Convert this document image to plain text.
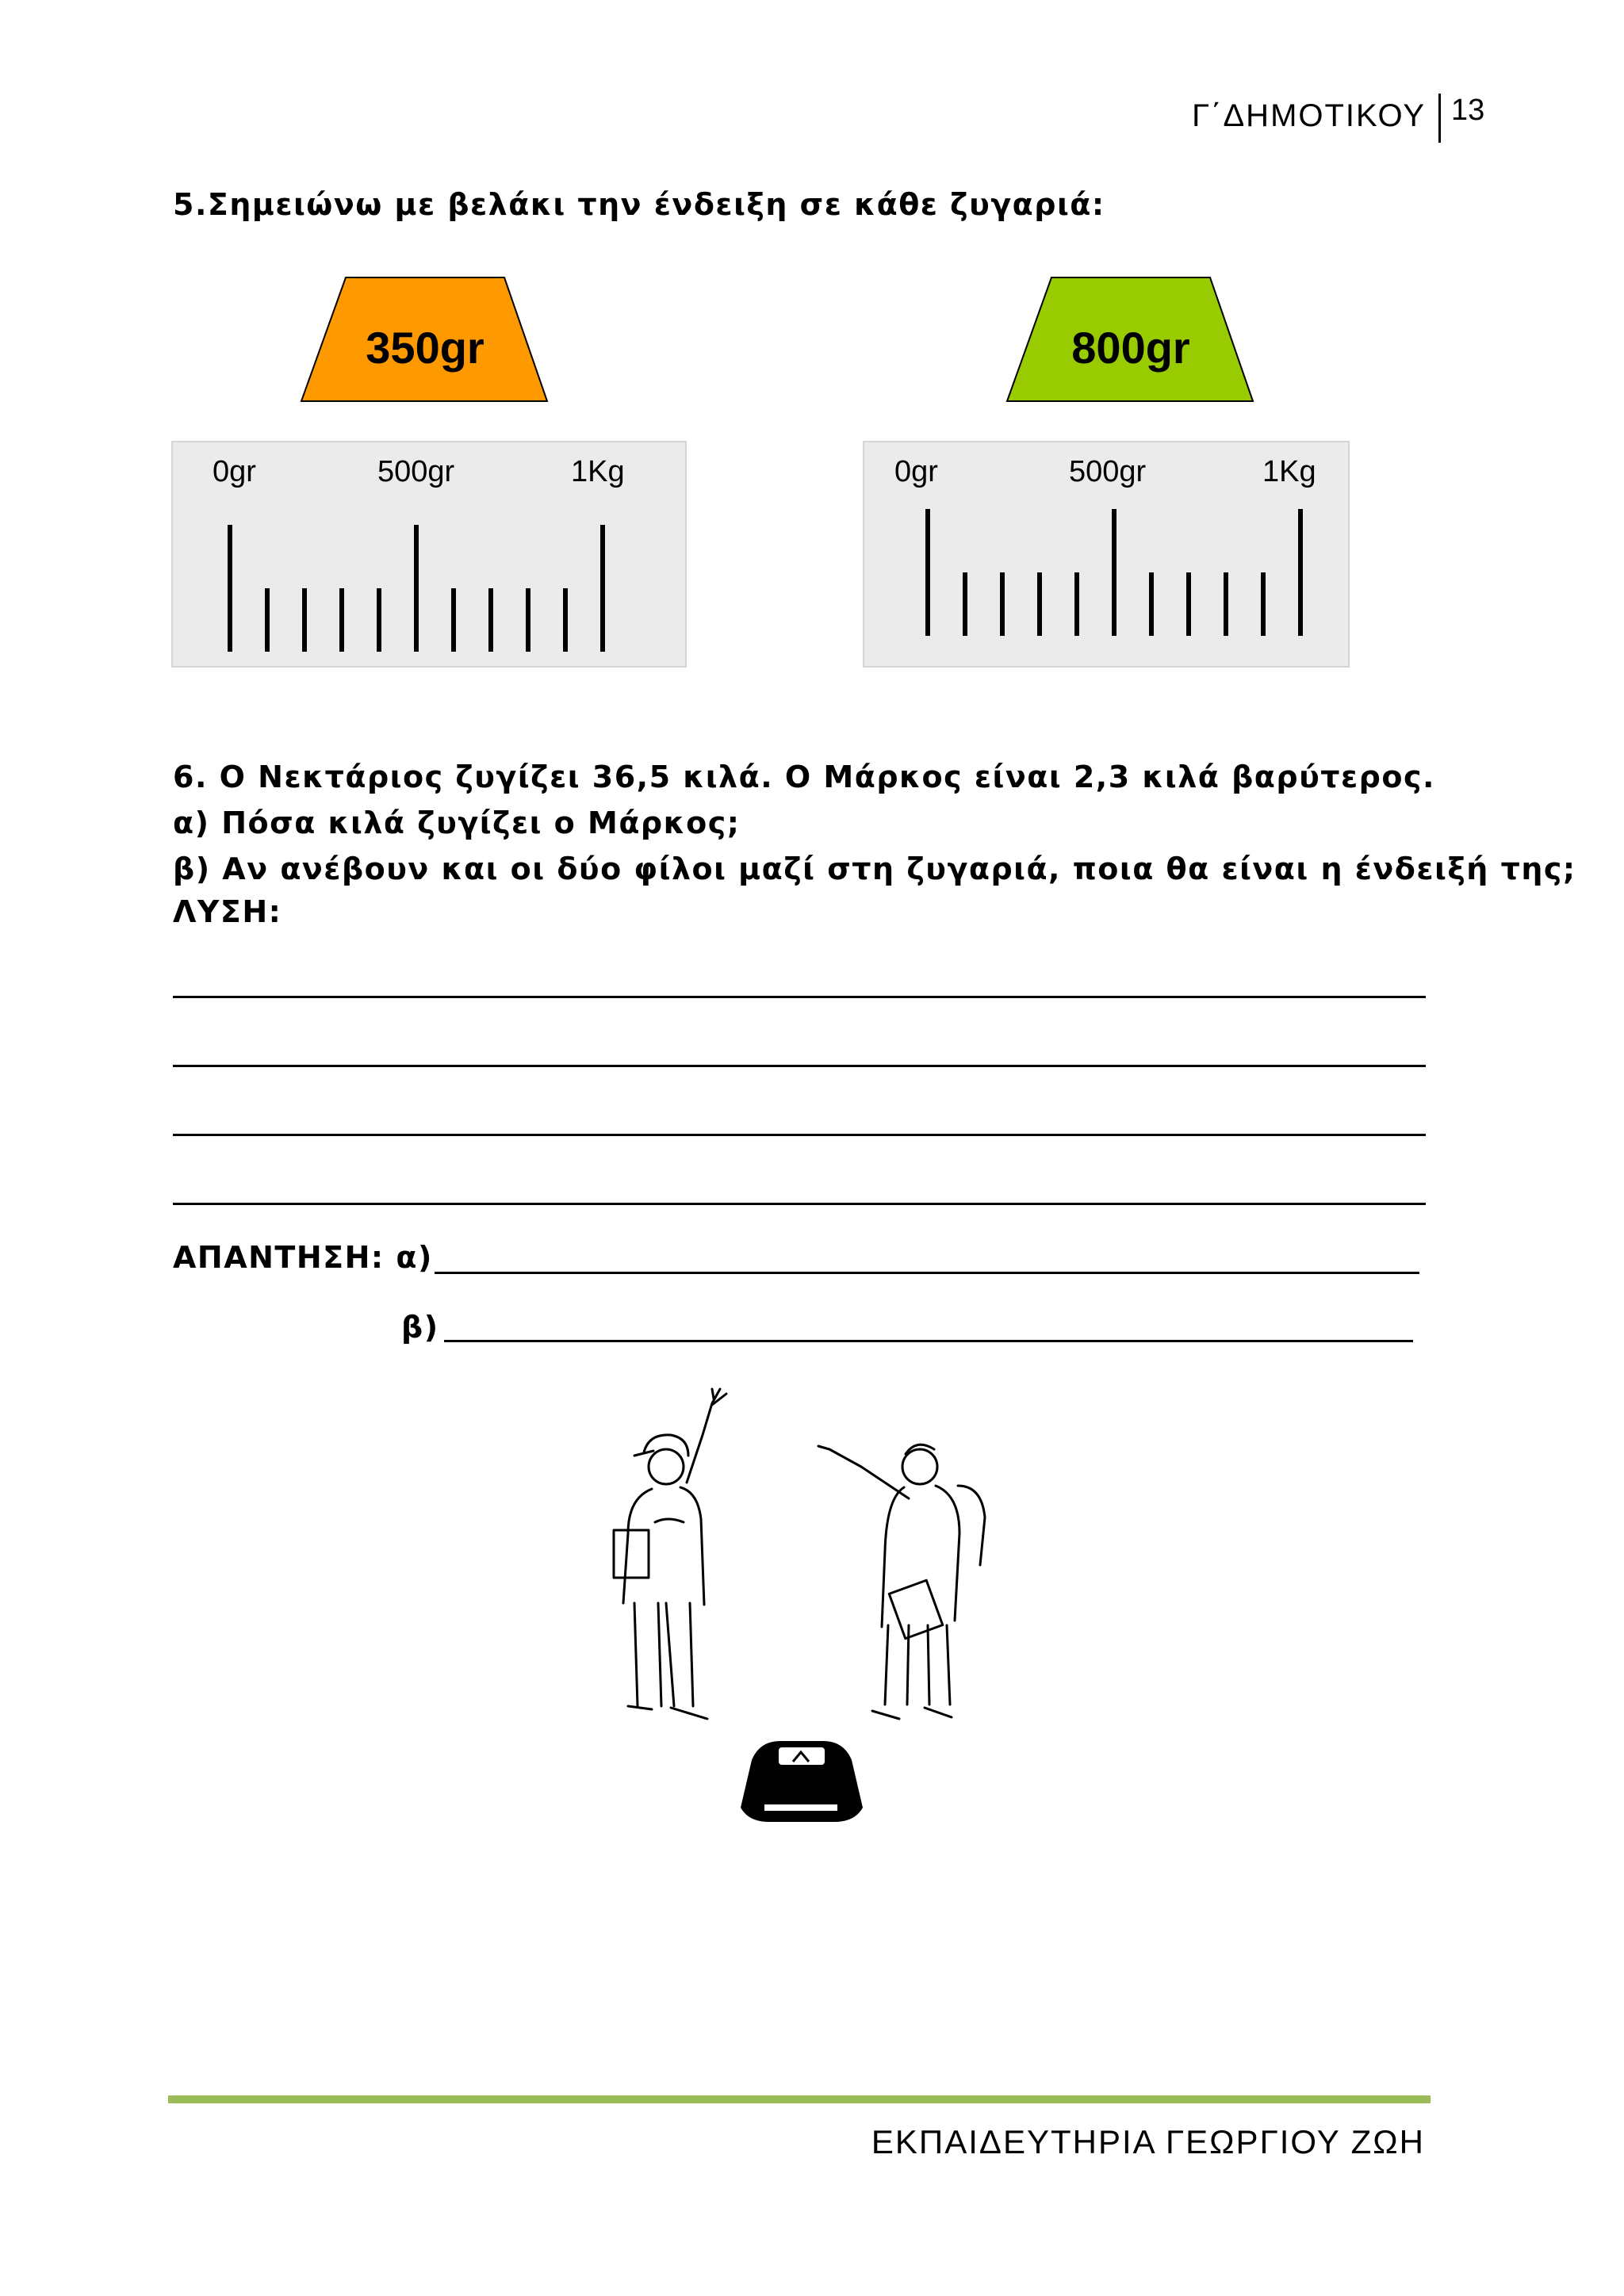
Γ΄ΔΗΜΟΤΙΚΟΥ 13
5.Σημειώνω με βελάκι την ένδειξη σε κάθε ζυγαριά:
350gr	800gr
0gr	500gr	1Kg	0gr	500gr	1Kg
6. Ο Νεκτάριος ζυγίζει 36,5 κιλά. Ο Μάρκος είναι 2,3 κιλά βαρύτερος.
α) Πόσα κιλά ζυγίζει ο Μάρκος;
β) Αν ανέβουν και οι δύο φίλοι μαζί στη ζυγαριά, ποια θα είναι η ένδειξή της;
ΛΥΣΗ:
ΑΠΑΝΤΗΣΗ: α)
β)
ΕΚΠΑΙΔΕΥΤΗΡΙΑ ΓΕΩΡΓΙΟΥ ΖΩΗ
